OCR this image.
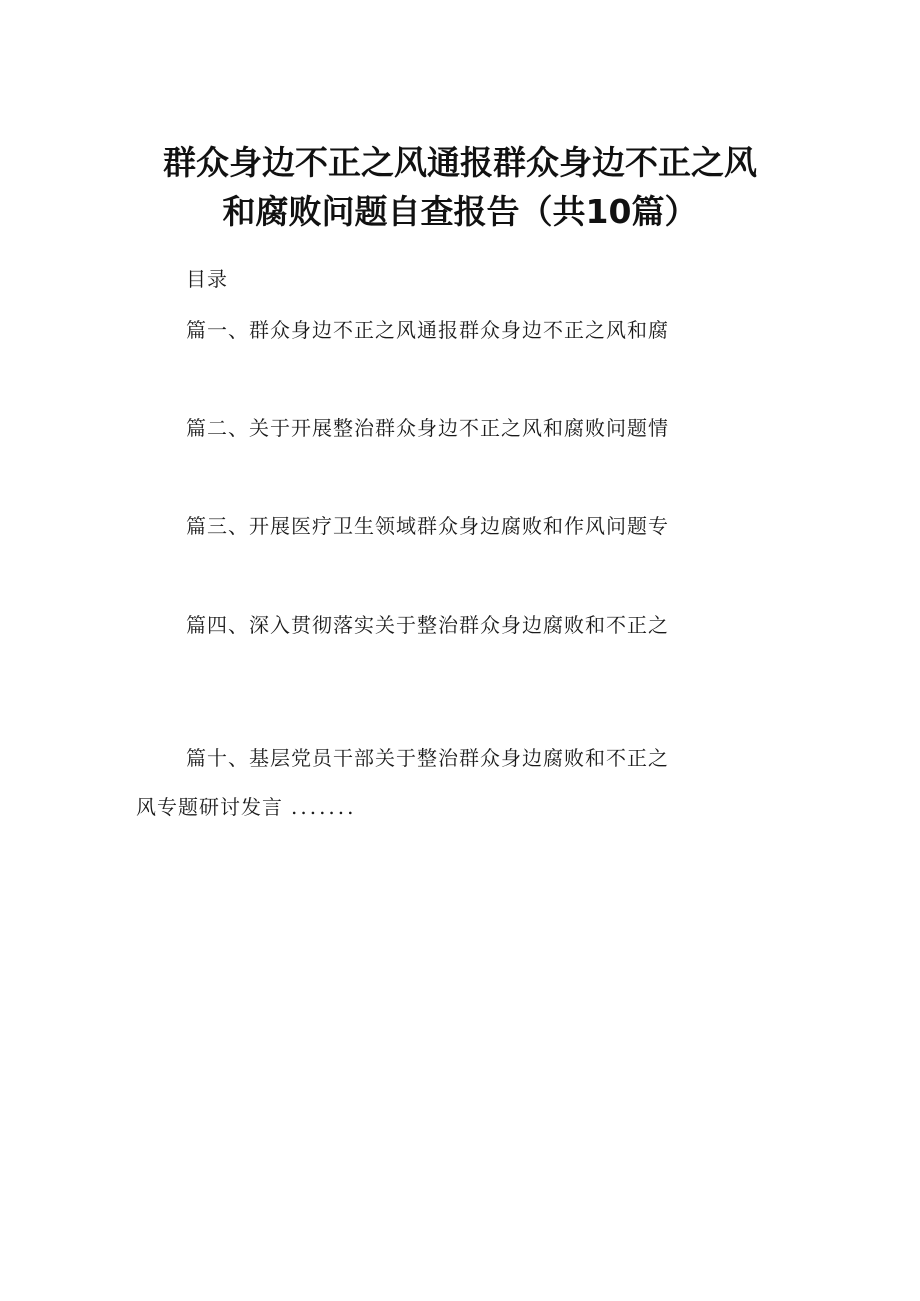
群众身边不正之风通报群众身边不正之风
和腐败问题自查报告（共10篇）
目录
篇一、群众身边不正之风通报群众身边不正之风和腐
篇二、关于开展整治群众身边不正之风和腐败问题情
篇三、开展医疗卫生领域群众身边腐败和作风问题专
篇四、深入贯彻落实关于整治群众身边腐败和不正之
篇十、基层党员干部关于整治群众身边腐败和不正之
风专题研讨发言 .......
